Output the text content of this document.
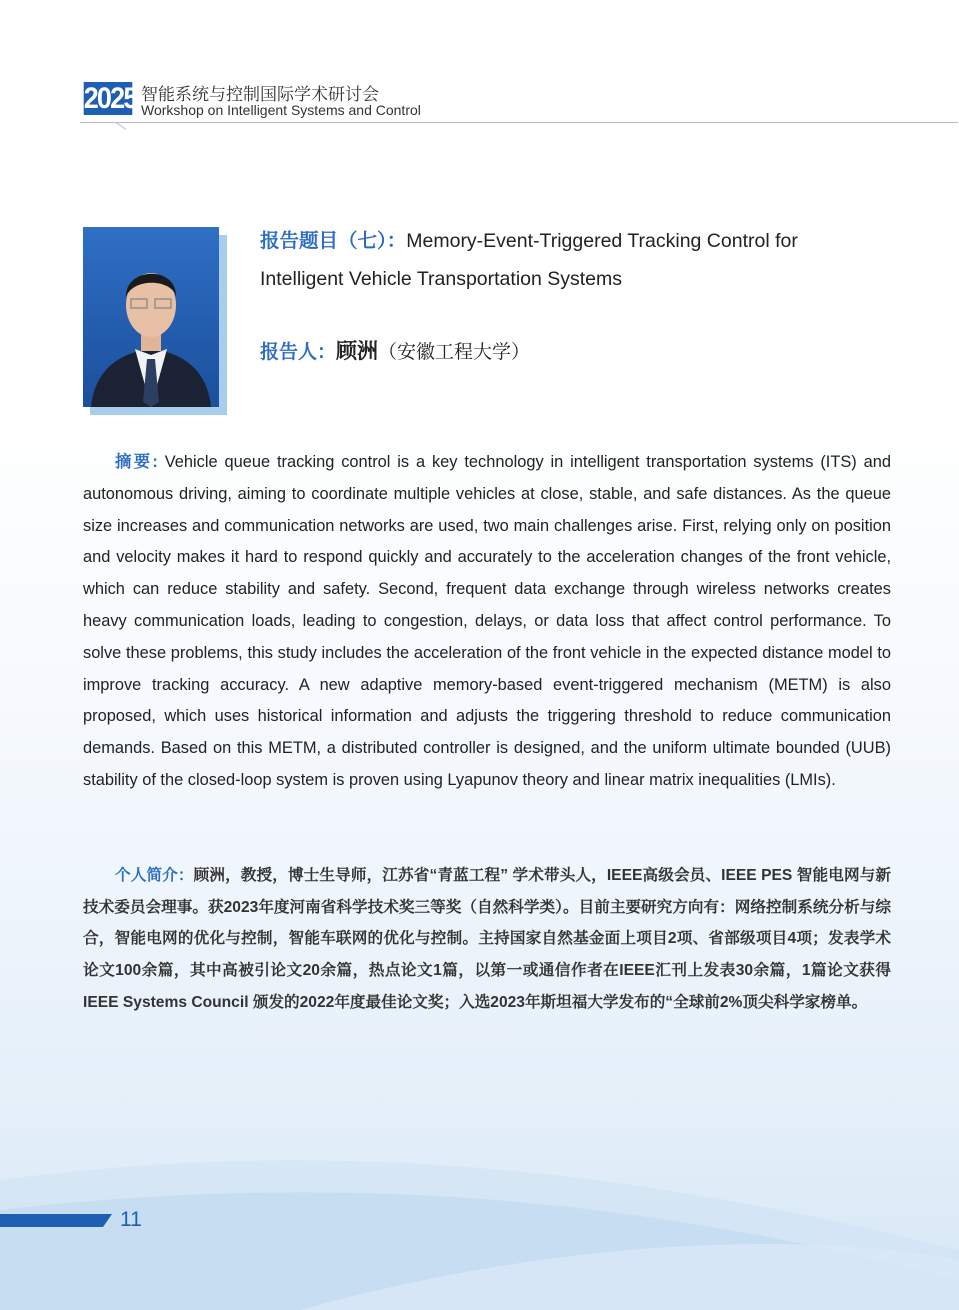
2025 智能系统与控制国际学术研讨会
Workshop on Intelligent Systems and Control
报告题目（七）：Memory-Event-Triggered Tracking Control for Intelligent Vehicle Transportation Systems
报告人：顾洲（安徽工程大学）
摘要: Vehicle queue tracking control is a key technology in intelligent transportation systems (ITS) and autonomous driving, aiming to coordinate multiple vehicles at close, stable, and safe distances. As the queue size increases and communication networks are used, two main challenges arise. First, relying only on position and velocity makes it hard to respond quickly and accurately to the acceleration changes of the front vehicle, which can reduce stability and safety. Second, frequent data exchange through wireless networks creates heavy communication loads, leading to congestion, delays, or data loss that affect control performance. To solve these problems, this study includes the acceleration of the front vehicle in the expected distance model to improve tracking accuracy. A new adaptive memory-based event-triggered mechanism (METM) is also proposed, which uses historical information and adjusts the triggering threshold to reduce communication demands. Based on this METM, a distributed controller is designed, and the uniform ultimate bounded (UUB) stability of the closed-loop system is proven using Lyapunov theory and linear matrix inequalities (LMIs).
个人简介：顾洲，教授，博士生导师，江苏省“青蓝工程” 学术带头人，IEEE高级会员、IEEE PES 智能电网与新技术委员会理事。获2023年度河南省科学技术奖三等奖（自然科学类）。目前主要研究方向有：网络控制系统分析与综合，智能电网的优化与控制，智能车联网的优化与控制。主持国家自然基金面上项目2项、省部级项目4项；发表学术论文100余篇，其中高被引论文20余篇，热点论文1篇，以第一或通信作者在IEEE汇刊上发表30余篇，1篇论文获得IEEE Systems Council 颁发的2022年度最佳论文奖；入选2023年斯坦福大学发布的“全球前2%顶尖科学家榜单。
11
